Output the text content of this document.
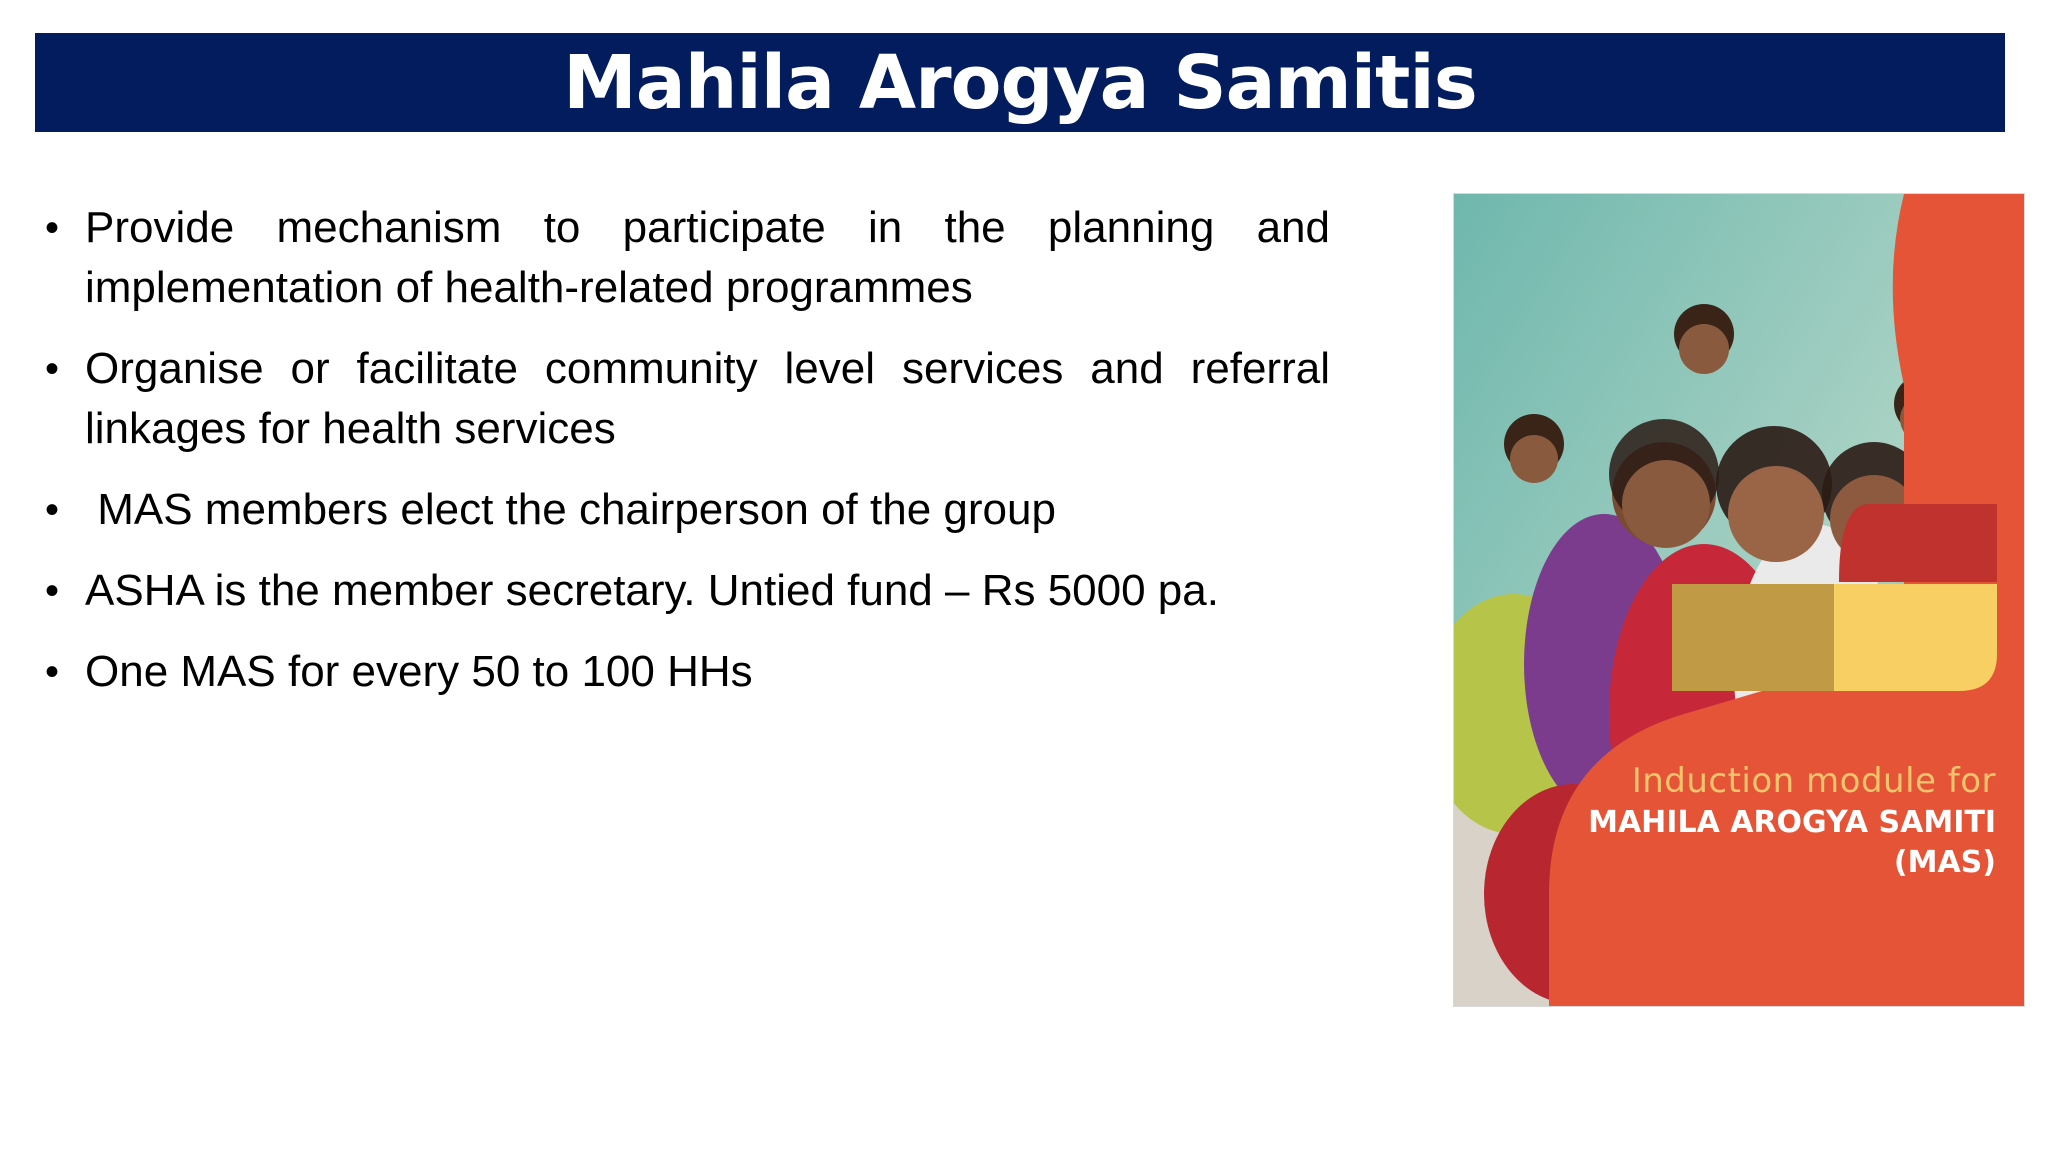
Mahila Arogya Samitis
• Provide mechanism to participate in the planning and implementation of health-related programmes
• Organise or facilitate community level services and referral linkages for health services
• MAS members elect the chairperson of the group
• ASHA is the member secretary. Untied fund – Rs 5000 pa.
• One MAS for every 50 to 100 HHs
Induction module for
MAHILA AROGYA SAMITI
(MAS)
